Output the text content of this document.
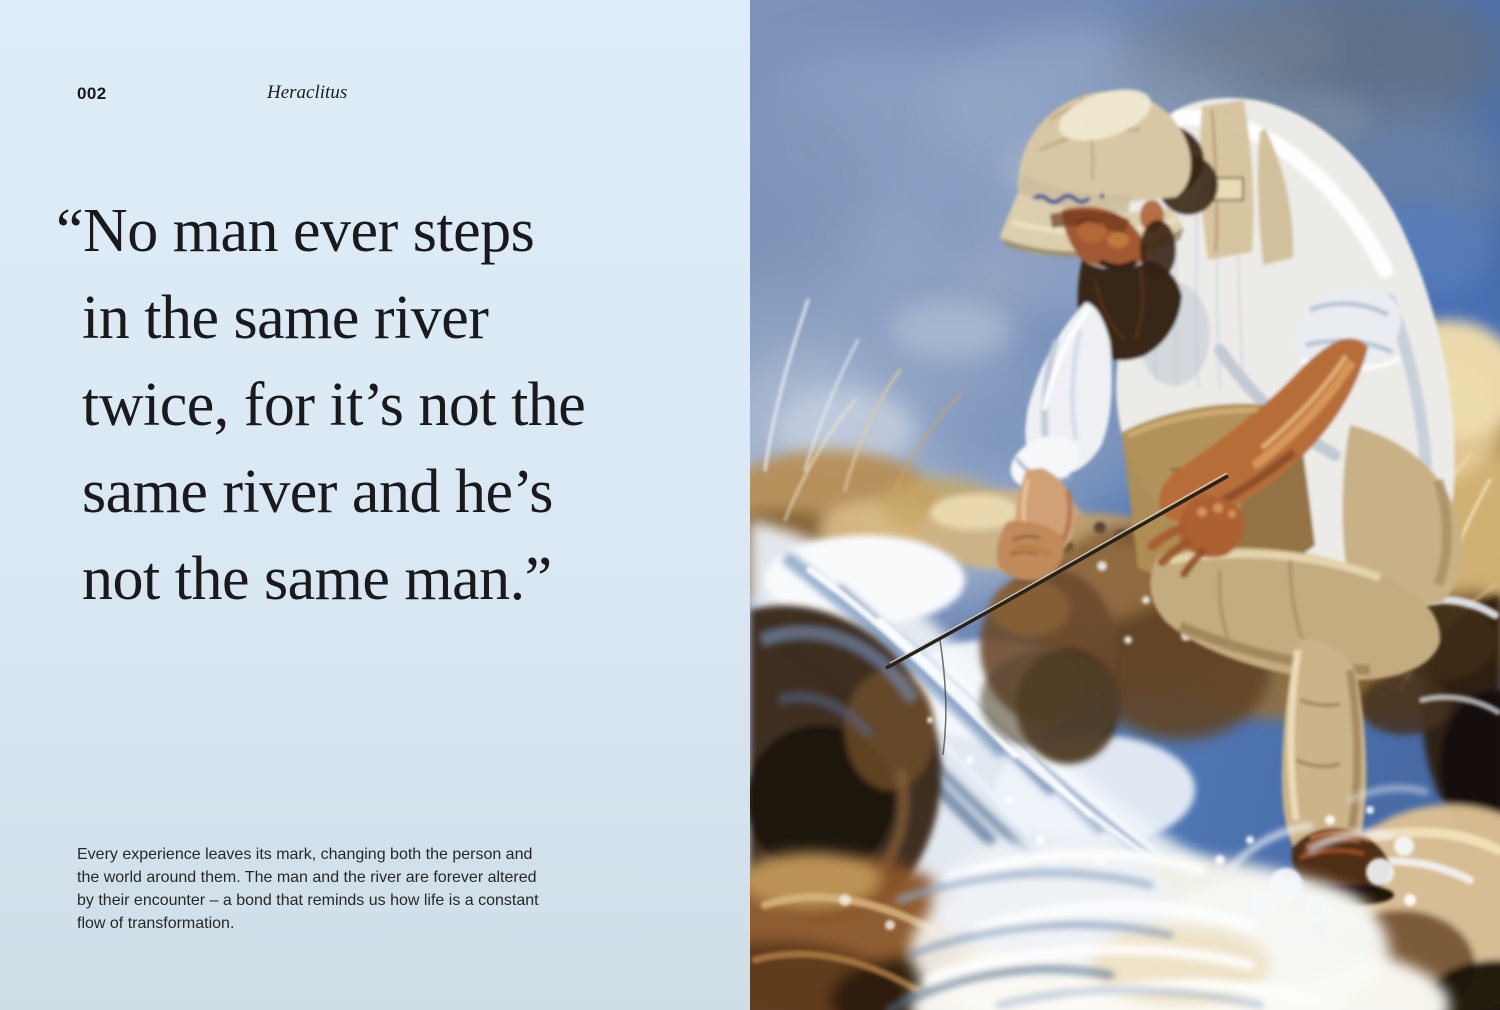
002	Heraclitus
“No man ever steps
in the same river
twice, for it’s not the
same river and he’s
not the same man.”
Every experience leaves its mark, changing both the person and
the world around them. The man and the river are forever altered
by their encounter – a bond that reminds us how life is a constant
flow of transformation.
